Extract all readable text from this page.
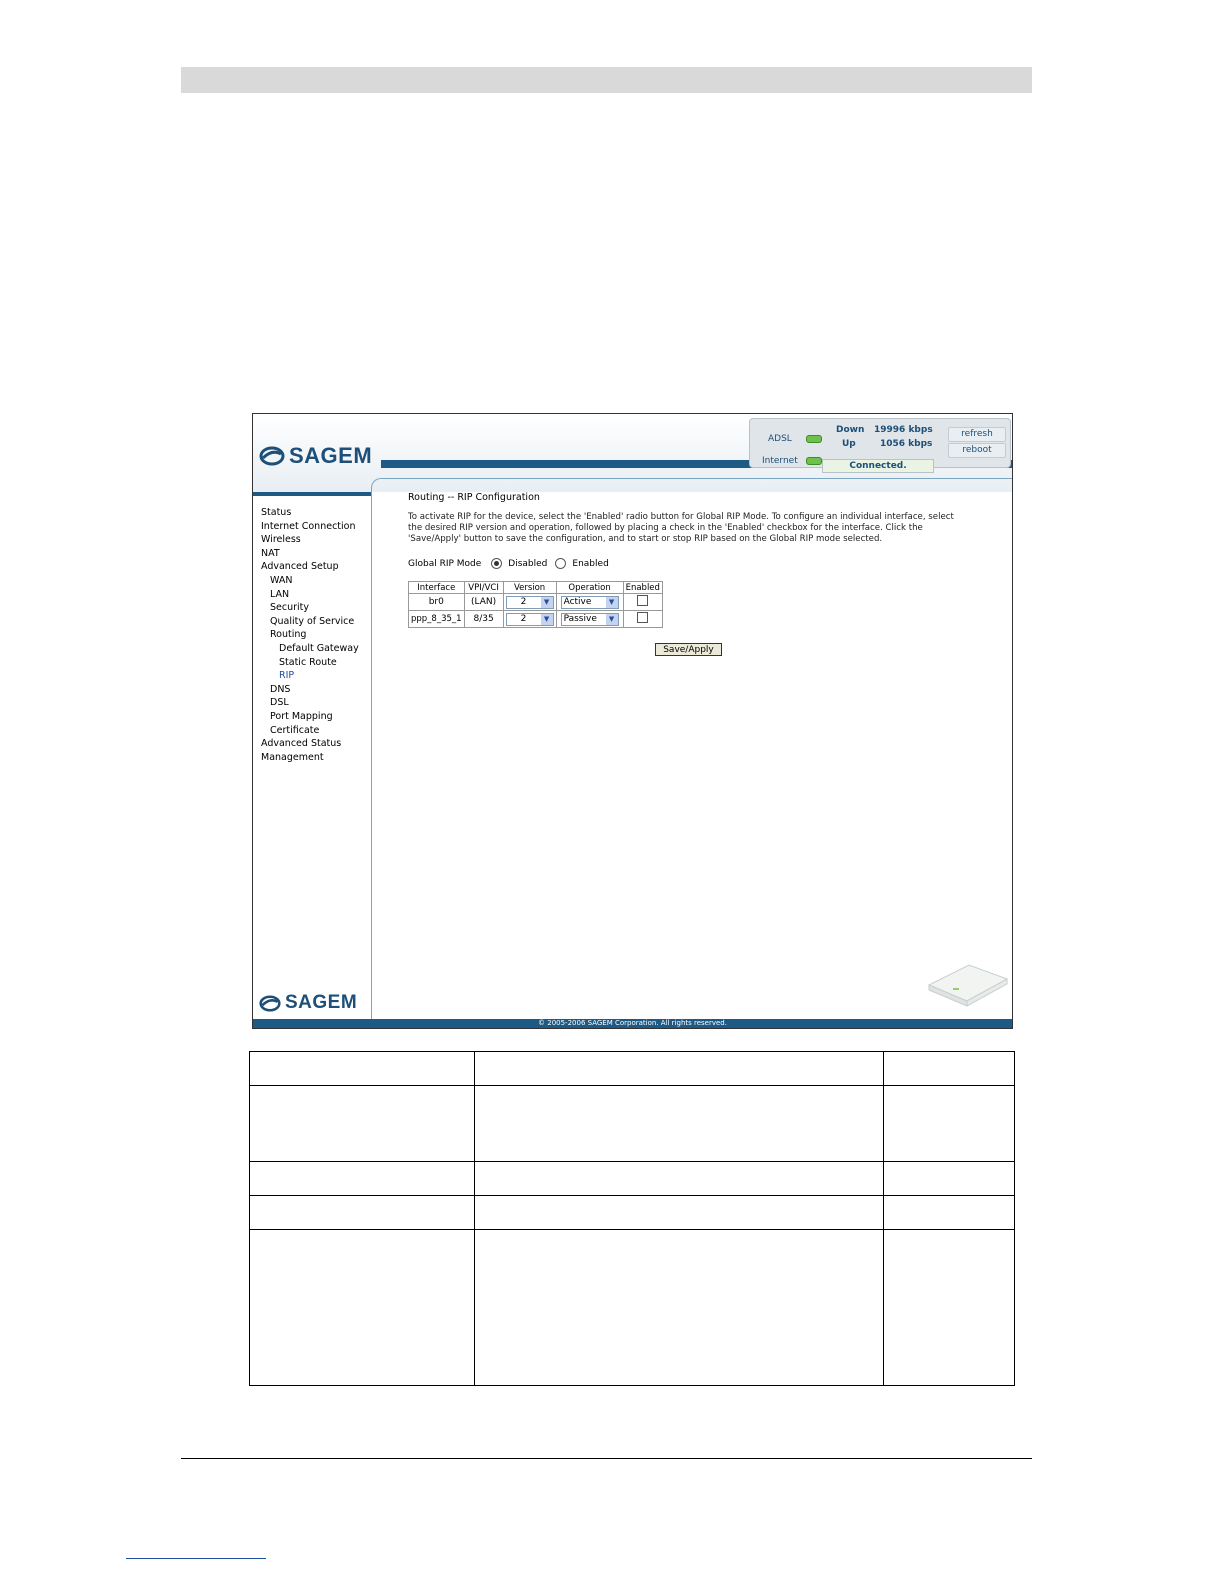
SAGEM
ADSL
Internet
Down 19996 kbps
Up	1056 kbps
refresh
reboot
Connected.
Status
Internet Connection
Wireless
NAT
Advanced Setup
WAN
LAN
Security
Quality of Service
Routing
Default Gateway
Static Route
RIP
DNS
DSL
Port Mapping
Certificate
Advanced Status
Management
SAGEM
Routing -- RIP Configuration
To activate RIP for the device, select the 'Enabled' radio button for Global RIP Mode. To configure an individual interface, select the desired RIP version and operation, followed by placing a check in the 'Enabled' checkbox for the interface. Click the 'Save/Apply' button to save the configuration, and to start or stop RIP based on the Global RIP mode selected.
Global RIP Mode	Disabled	Enabled
Interface	VPI/VCI	Version	Operation	Enabled
br0	(LAN)	2 ▼	Active ▼	

ppp_8_35_1	8/35	2 ▼	Passive ▼	

Save/Apply
© 2005-2006 SAGEM Corporation. All rights reserved.
